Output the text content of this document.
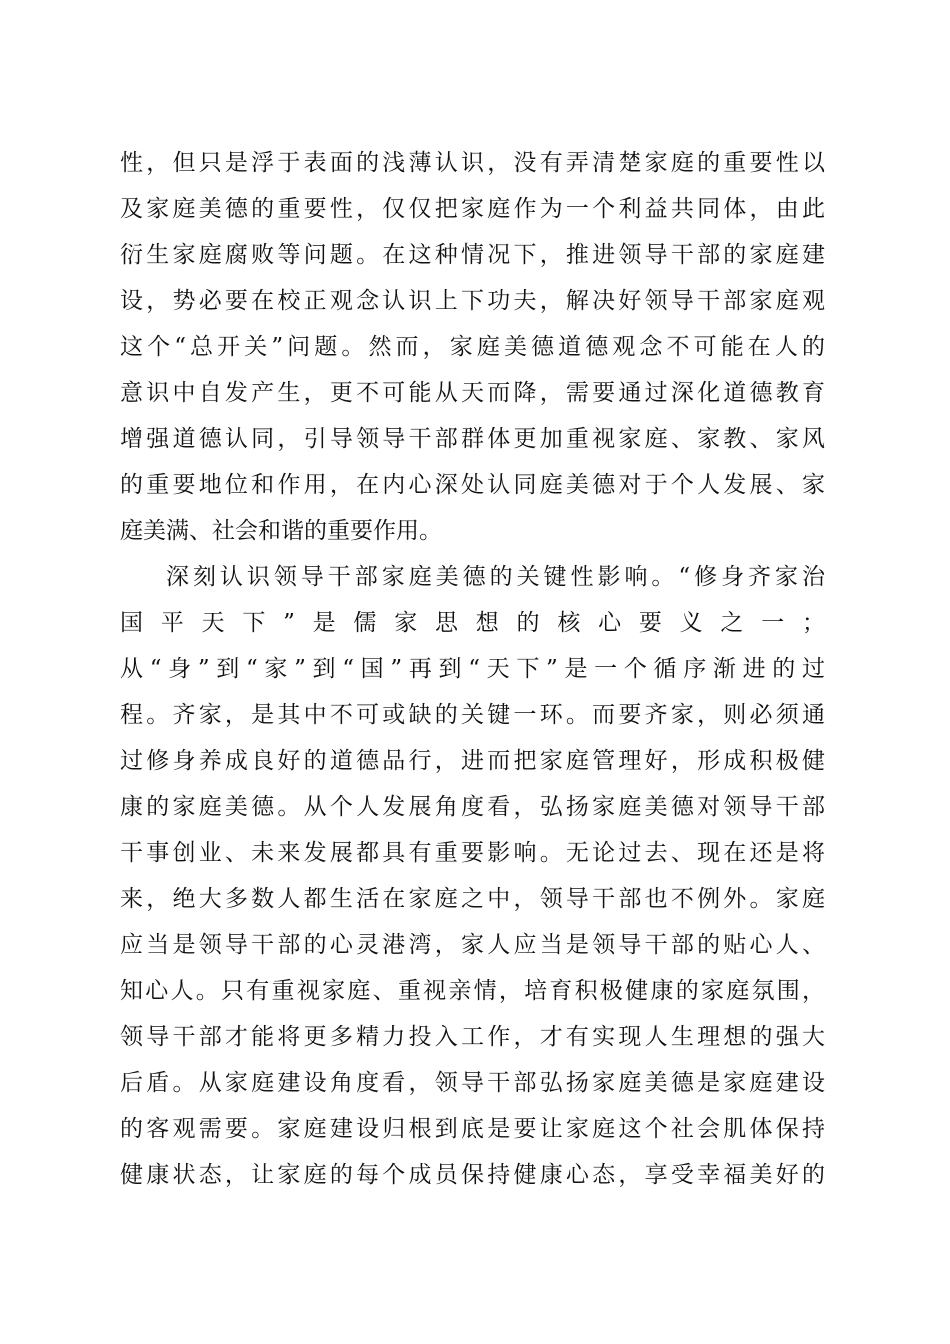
性，但只是浮于表面的浅薄认识，没有弄清楚家庭的重要性以
及家庭美德的重要性，仅仅把家庭作为一个利益共同体，由此
衍生家庭腐败等问题。在这种情况下，推进领导干部的家庭建
设，势必要在校正观念认识上下功夫，解决好领导干部家庭观
这个“总开关”问题。然而，家庭美德道德观念不可能在人的
意识中自发产生，更不可能从天而降，需要通过深化道德教育
增强道德认同，引导领导干部群体更加重视家庭、家教、家风
的重要地位和作用，在内心深处认同庭美德对于个人发展、家
庭美满、社会和谐的重要作用。
深刻认识领导干部家庭美德的关键性影响。“修身齐家治
国平天下”是儒家思想的核心要义之一；
从“身”到“家”到“国”再到“天下”是一个循序渐进的过
程。齐家，是其中不可或缺的关键一环。而要齐家，则必须通
过修身养成良好的道德品行，进而把家庭管理好，形成积极健
康的家庭美德。从个人发展角度看，弘扬家庭美德对领导干部
干事创业、未来发展都具有重要影响。无论过去、现在还是将
来，绝大多数人都生活在家庭之中，领导干部也不例外。家庭
应当是领导干部的心灵港湾，家人应当是领导干部的贴心人、
知心人。只有重视家庭、重视亲情，培育积极健康的家庭氛围，
领导干部才能将更多精力投入工作，才有实现人生理想的强大
后盾。从家庭建设角度看，领导干部弘扬家庭美德是家庭建设
的客观需要。家庭建设归根到底是要让家庭这个社会肌体保持
健康状态，让家庭的每个成员保持健康心态，享受幸福美好的
